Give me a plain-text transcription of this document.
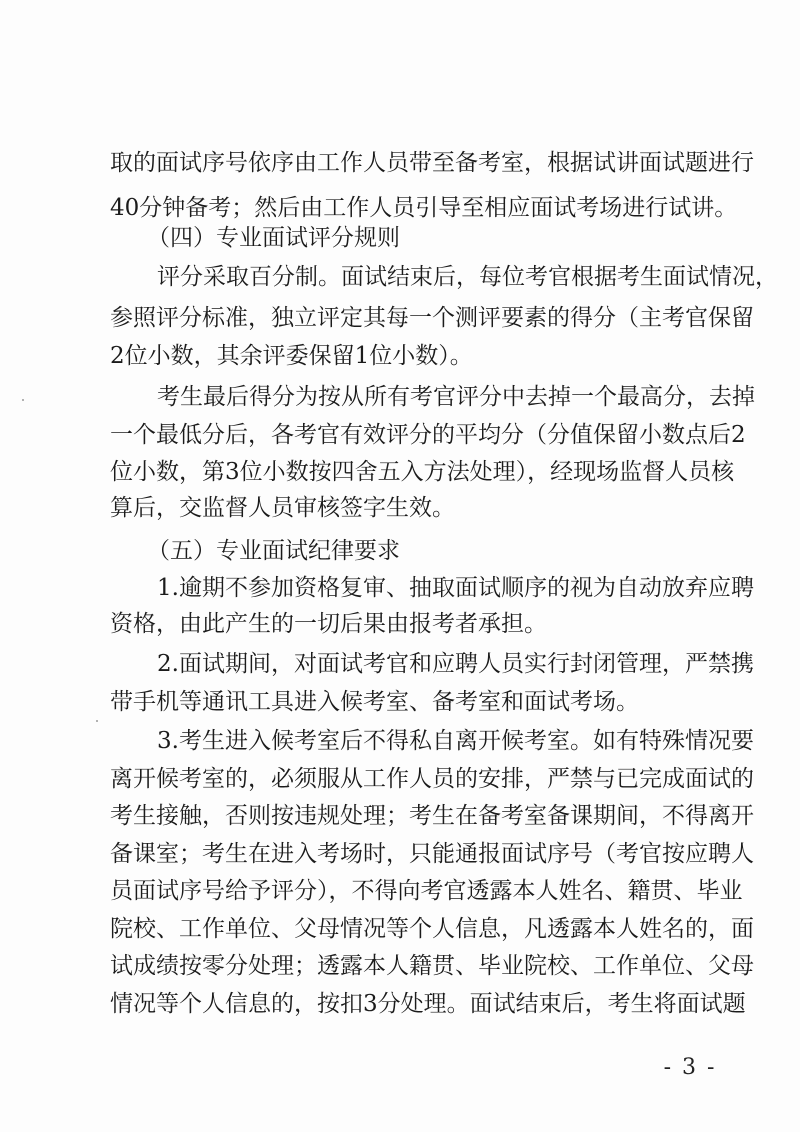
取的面试序号依序由工作人员带至备考室，根据试讲面试题进行
40分钟备考；然后由工作人员引导至相应面试考场进行试讲。
（四）专业面试评分规则
评分采取百分制。面试结束后，每位考官根据考生面试情况，
参照评分标准，独立评定其每一个测评要素的得分（主考官保留
2位小数，其余评委保留1位小数）。
考生最后得分为按从所有考官评分中去掉一个最高分，去掉
一个最低分后，各考官有效评分的平均分（分值保留小数点后2
位小数，第3位小数按四舍五入方法处理），经现场监督人员核
算后，交监督人员审核签字生效。
（五）专业面试纪律要求
1.逾期不参加资格复审、抽取面试顺序的视为自动放弃应聘
资格，由此产生的一切后果由报考者承担。
2.面试期间，对面试考官和应聘人员实行封闭管理，严禁携
带手机等通讯工具进入候考室、备考室和面试考场。
3.考生进入候考室后不得私自离开候考室。如有特殊情况要
离开候考室的，必须服从工作人员的安排，严禁与已完成面试的
考生接触，否则按违规处理；考生在备考室备课期间，不得离开
备课室；考生在进入考场时，只能通报面试序号（考官按应聘人
员面试序号给予评分），不得向考官透露本人姓名、籍贯、毕业
院校、工作单位、父母情况等个人信息，凡透露本人姓名的，面
试成绩按零分处理；透露本人籍贯、毕业院校、工作单位、父母
情况等个人信息的，按扣3分处理。面试结束后，考生将面试题
- 3 -
